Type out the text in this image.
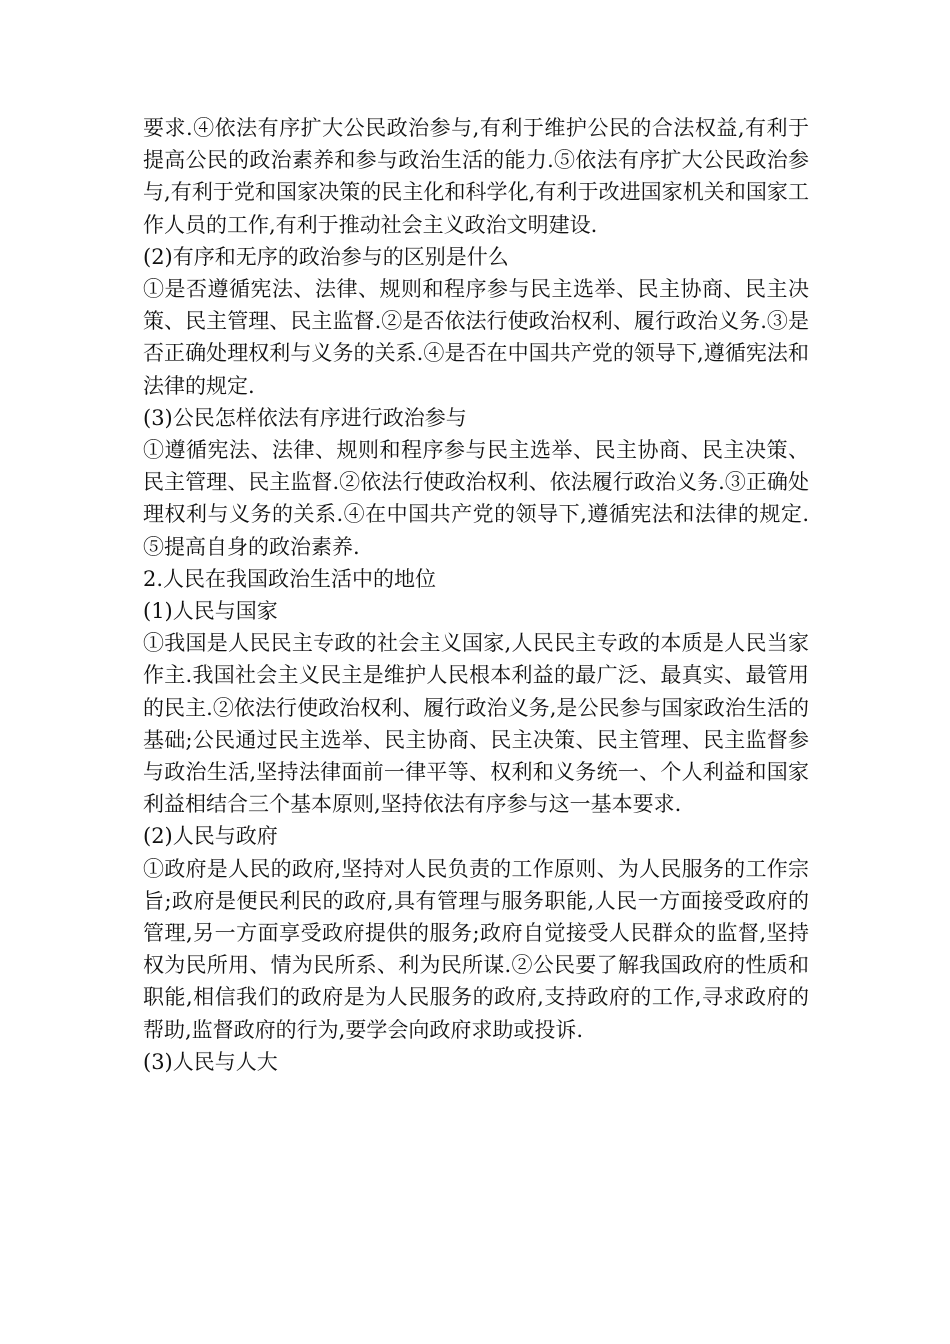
要求.④依法有序扩大公民政治参与,有利于维护公民的合法权益,有利于提高公民的政治素养和参与政治生活的能力.⑤依法有序扩大公民政治参与,有利于党和国家决策的民主化和科学化,有利于改进国家机关和国家工作人员的工作,有利于推动社会主义政治文明建设.

(2)有序和无序的政治参与的区别是什么

①是否遵循宪法、法律、规则和程序参与民主选举、民主协商、民主决策、民主管理、民主监督.②是否依法行使政治权利、履行政治义务.③是否正确处理权利与义务的关系.④是否在中国共产党的领导下,遵循宪法和法律的规定.

(3)公民怎样依法有序进行政治参与

①遵循宪法、法律、规则和程序参与民主选举、民主协商、民主决策、民主管理、民主监督.②依法行使政治权利、依法履行政治义务.③正确处理权利与义务的关系.④在中国共产党的领导下,遵循宪法和法律的规定.⑤提高自身的政治素养.

2.人民在我国政治生活中的地位

(1)人民与国家

①我国是人民民主专政的社会主义国家,人民民主专政的本质是人民当家作主.我国社会主义民主是维护人民根本利益的最广泛、最真实、最管用的民主.②依法行使政治权利、履行政治义务,是公民参与国家政治生活的基础;公民通过民主选举、民主协商、民主决策、民主管理、民主监督参与政治生活,坚持法律面前一律平等、权利和义务统一、个人利益和国家利益相结合三个基本原则,坚持依法有序参与这一基本要求.

(2)人民与政府

①政府是人民的政府,坚持对人民负责的工作原则、为人民服务的工作宗旨;政府是便民利民的政府,具有管理与服务职能,人民一方面接受政府的管理,另一方面享受政府提供的服务;政府自觉接受人民群众的监督,坚持权为民所用、情为民所系、利为民所谋.②公民要了解我国政府的性质和职能,相信我们的政府是为人民服务的政府,支持政府的工作,寻求政府的帮助,监督政府的行为,要学会向政府求助或投诉.

(3)人民与人大
